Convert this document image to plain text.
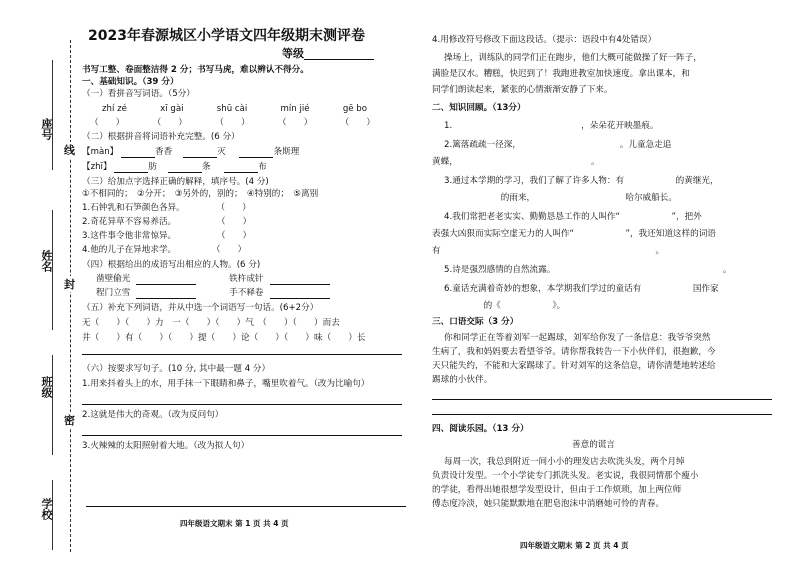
座号
姓名
班级
学校
线
封
密

2023年春源城区小学语文四年级期末测评卷

等级

书写工整、卷面整洁得 2 分；书写马虎，难以辨认不得分。

一、基础知识。（39 分）

（一）看拼音写词语。（5分）

zhí zé	xī gài	shū cài	mín jié	gē bo
（　　）	（　　）	（　　）	（　　）	（　　）

（二）根据拼音将词语补充完整。(6 分）

【màn】	香香	灭	条斯理

【zhī】	肪	条	布

（三）给加点字选择正确的解释，填序号。(4 分)

①不相同的；　②分开；　③另外的，别的；　④特别的；　⑤离别

1.石钟乳和石笋颜色各异。	（　　）

2.奇花异草不容易养活。	（　　）

3.这件事令他非常惊异。	（　　）

4.他的儿子在异地求学。	（　　）

（四）根据给出的成语写出相应的人物。(6 分)

凿壁偷光	铁杵成针

程门立雪	手不释卷

（五）补充下列词语，并从中选一个词语写一句话。(6+2分）

无（　　）（　　）力　一（　　）（　　）气　（　　）（　　）而去

井（　　）有（　　）（　　）提（　　）论（　　）（　　）味（　　）长

（六）按要求写句子。(10 分, 其中最一题 4 分）

1.用来抖着头上的水，用手抹一下眼睛和鼻子，嘴里吹着气。（改为比喻句）

2.这就是伟大的奇观。（改为反问句）

3.火辣辣的太阳照射着大地。（改为拟人句）

四年级语文期末 第 1 页 共 4 页

4.用修改符号修改下面这段话。（提示：语段中有4处错误）

操场上，训练队的同学们正在跑步，他们大概可能做操了好一阵子，

满脸是汉水。糟糕，快迟到了！我跑进教室加快速度。拿出课本，和

同学们朗读起来，紧张的心情渐渐安静了下来。

二、知识回顾。（13分）

1.　　　　　　　　　　　　　　　，朵朵花开映墨痕。

2.篱落疏疏一径深，　　　　　　　　　　　　。儿童急走追

黄蝶，　　　　　　　　　　　　　　　　。

3.通过本学期的学习，我们了解了许多人物：有　　　　　　的黄继光，

　　　　　　　　的雨来，　　　　　　　　　　　哈尔威船长。

4.我们常把老老实实、勤勤恳恳工作的人叫作“　　　　　　”，把外

表强大凶狠而实际空虚无力的人叫作“　　　　　　”，我还知道这样的词语

有　　　　　　　　　　　　　　　　　　　　　　　　　。

5.诗是强烈感情的自然流露。　　　　　　　　　　　　　　　　　　　　。

6.童话充满着奇妙的想象，本学期我们学过的童话有　　　　　　国作家

　　　　　　的《　　　　　　》。

三、口语交际（3 分）

你和同学正在等着刘军一起踢球，刘军给你发了一条信息：我爷爷突然

生病了，我和妈妈要去看望爷爷。请你帮我转告一下小伙伴们，很抱歉，今

天只能失约，不能和大家踢球了。针对刘军的这条信息，请你清楚地转述给

踢球的小伙伴。

四、阅读乐园。（13 分）

善意的谎言

每周一次，我总到附近一间小小的理发店去吹洗头发，两个月绰

负责设计发型。一个小学徒专门抓洗头发。老实说，我很同情那个瘦小

的学徒，看得出她很想学发型设计，但由于工作烦琐，加上两位师

傅态度冷淡，她只能默默地在肥皂泡沫中消磨她可怜的青春。

四年级语文期末 第 2 页 共 4 页
